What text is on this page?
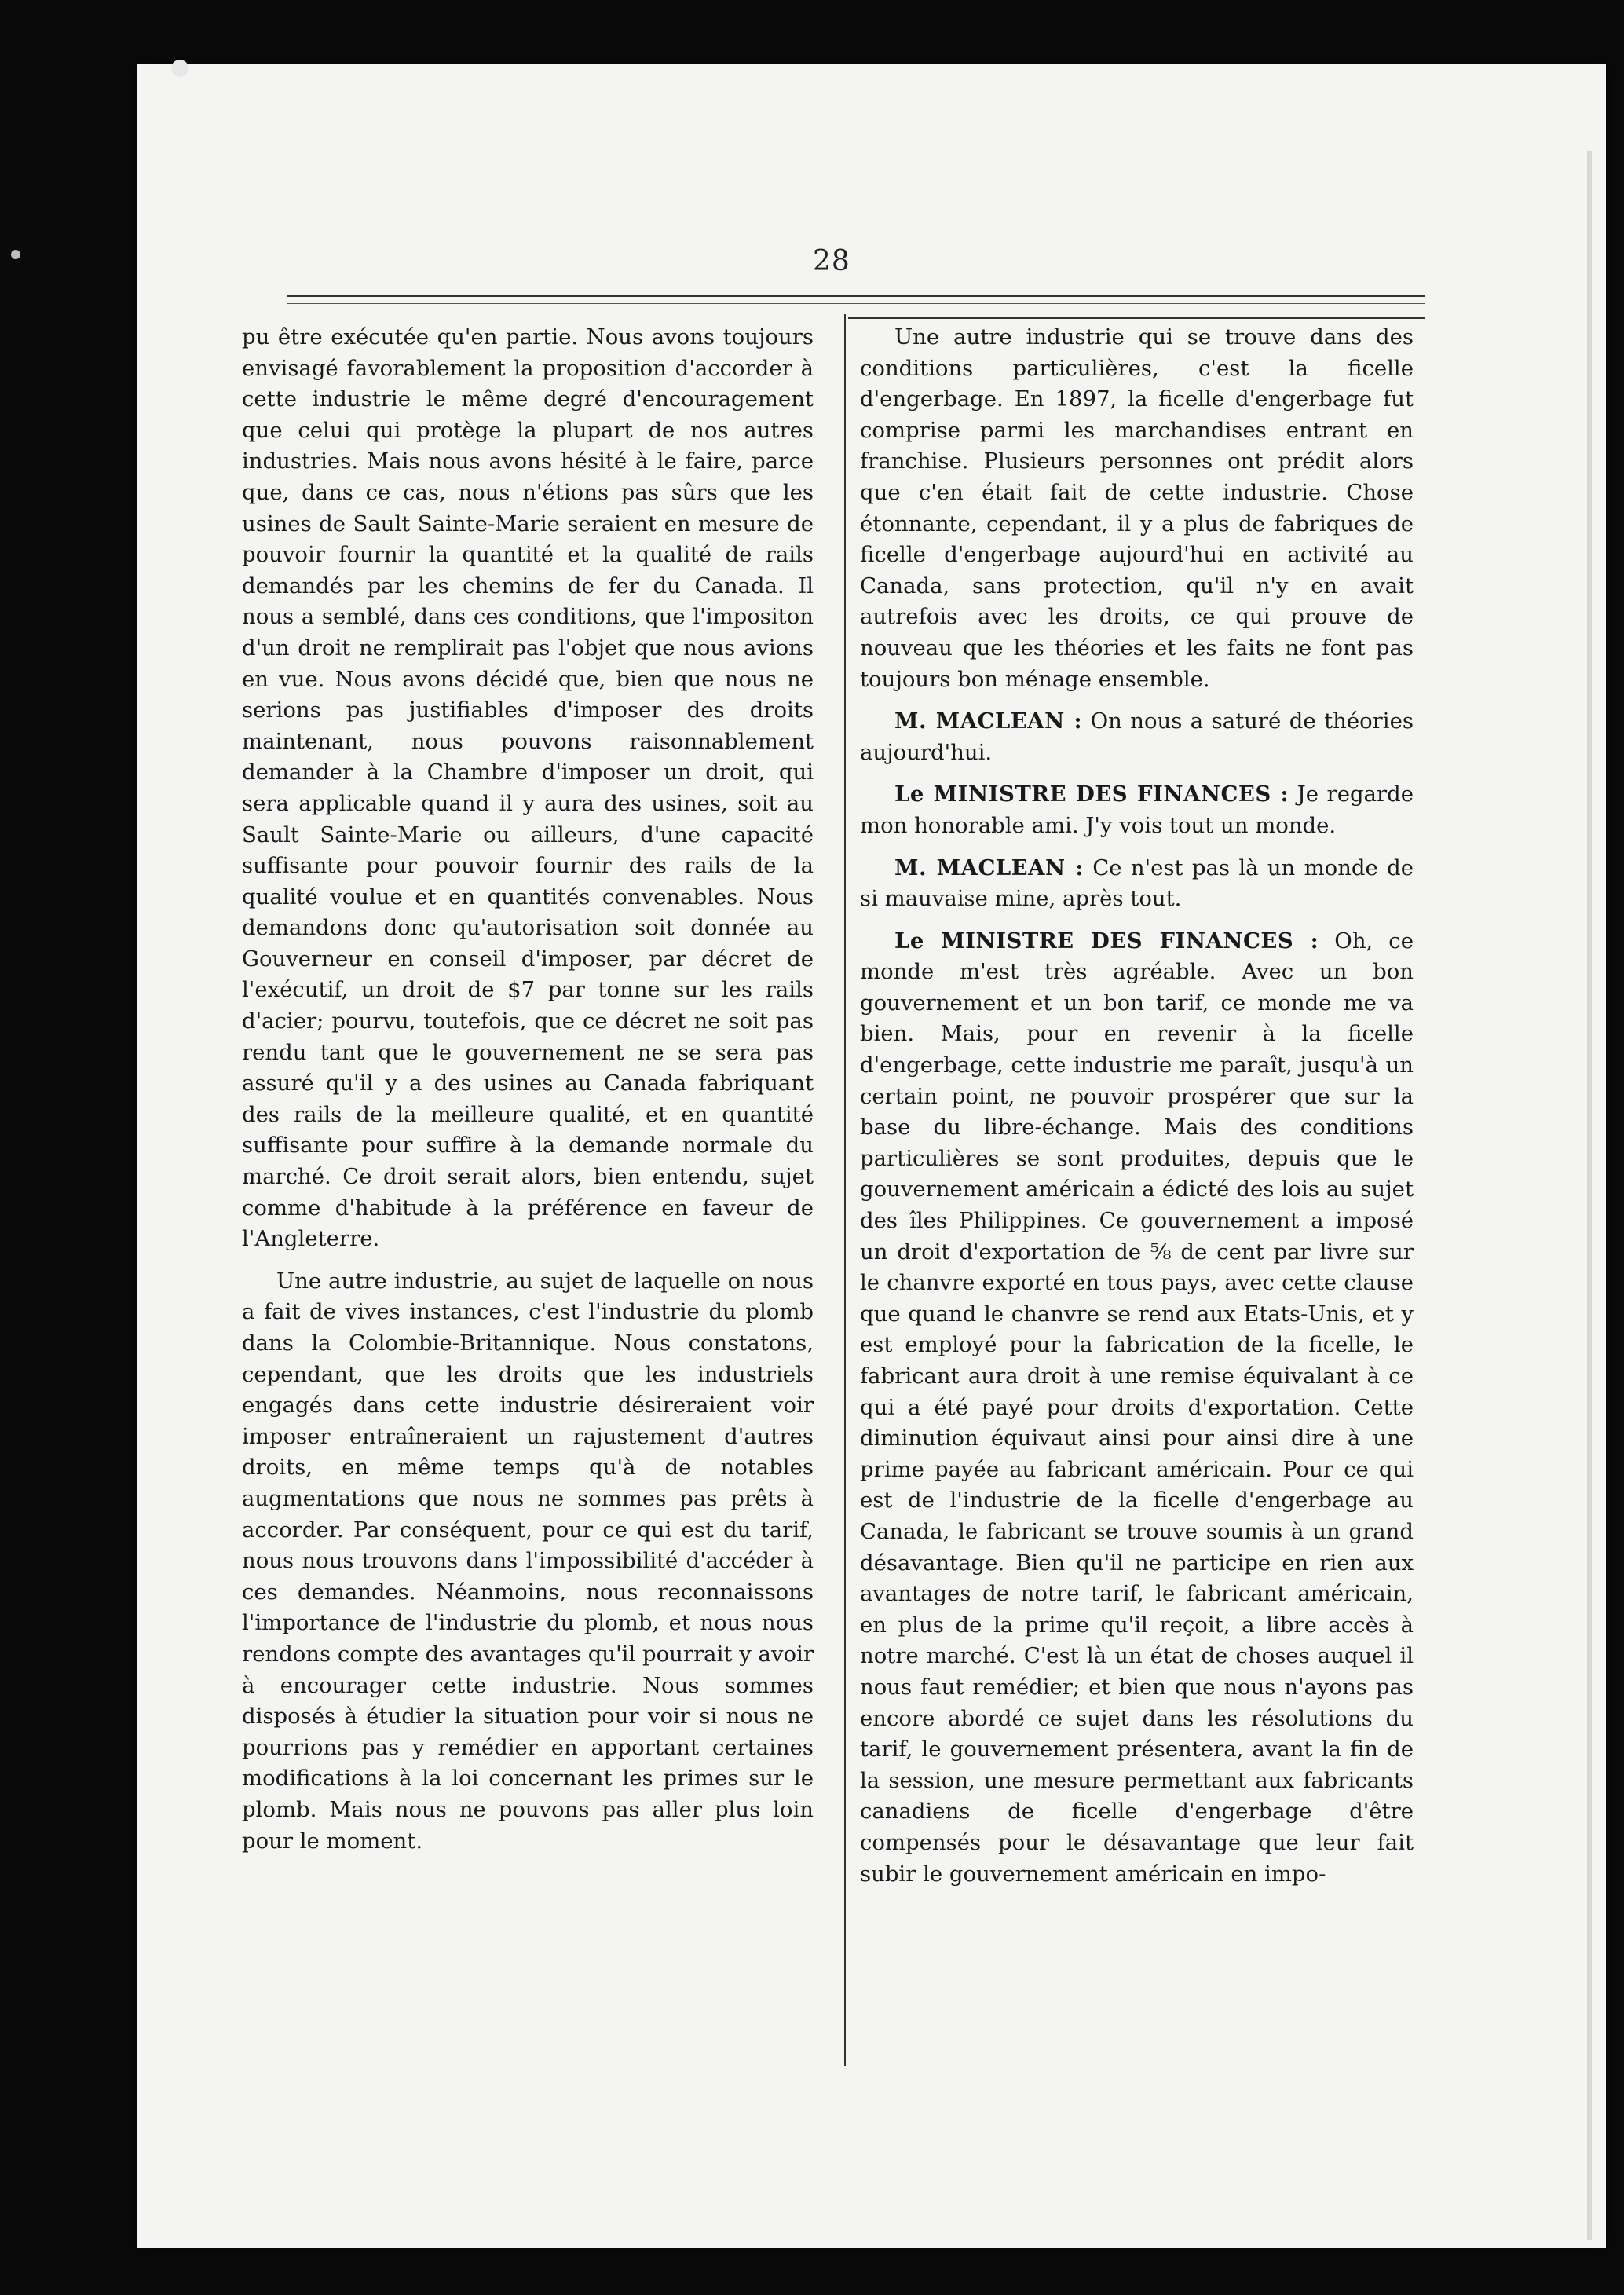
28

pu être exécutée qu'en partie. Nous avons toujours envisagé favorablement la proposition d'accorder à cette industrie le même degré d'encouragement que celui qui protège la plupart de nos autres industries. Mais nous avons hésité à le faire, parce que, dans ce cas, nous n'étions pas sûrs que les usines de Sault Sainte-Marie seraient en mesure de pouvoir fournir la quantité et la qualité de rails demandés par les chemins de fer du Canada. Il nous a semblé, dans ces conditions, que l'impositon d'un droit ne remplirait pas l'objet que nous avions en vue. Nous avons décidé que, bien que nous ne serions pas justifiables d'imposer des droits maintenant, nous pouvons raisonnablement demander à la Chambre d'imposer un droit, qui sera applicable quand il y aura des usines, soit au Sault Sainte-Marie ou ailleurs, d'une capacité suffisante pour pouvoir fournir des rails de la qualité voulue et en quantités convenables. Nous demandons donc qu'autorisation soit donnée au Gouverneur en conseil d'imposer, par décret de l'exécutif, un droit de $7 par tonne sur les rails d'acier; pourvu, toutefois, que ce décret ne soit pas rendu tant que le gouvernement ne se sera pas assuré qu'il y a des usines au Canada fabriquant des rails de la meilleure qualité, et en quantité suffisante pour suffire à la demande normale du marché. Ce droit serait alors, bien entendu, sujet comme d'habitude à la préférence en faveur de l'Angleterre.

Une autre industrie, au sujet de laquelle on nous a fait de vives instances, c'est l'industrie du plomb dans la Colombie-Britannique. Nous constatons, cependant, que les droits que les industriels engagés dans cette industrie désireraient voir imposer entraîneraient un rajustement d'autres droits, en même temps qu'à de notables augmentations que nous ne sommes pas prêts à accorder. Par conséquent, pour ce qui est du tarif, nous nous trouvons dans l'impossibilité d'accéder à ces demandes. Néanmoins, nous reconnaissons l'importance de l'industrie du plomb, et nous nous rendons compte des avantages qu'il pourrait y avoir à encourager cette industrie. Nous sommes disposés à étudier la situation pour voir si nous ne pourrions pas y remédier en apportant certaines modifications à la loi concernant les primes sur le plomb. Mais nous ne pouvons pas aller plus loin pour le moment.

Une autre industrie qui se trouve dans des conditions particulières, c'est la ficelle d'engerbage. En 1897, la ficelle d'engerbage fut comprise parmi les marchandises entrant en franchise. Plusieurs personnes ont prédit alors que c'en était fait de cette industrie. Chose étonnante, cependant, il y a plus de fabriques de ficelle d'engerbage aujourd'hui en activité au Canada, sans protection, qu'il n'y en avait autrefois avec les droits, ce qui prouve de nouveau que les théories et les faits ne font pas toujours bon ménage ensemble.

M. MACLEAN : On nous a saturé de théories aujourd'hui.

Le MINISTRE DES FINANCES : Je regarde mon honorable ami. J'y vois tout un monde.

M. MACLEAN : Ce n'est pas là un monde de si mauvaise mine, après tout.

Le MINISTRE DES FINANCES : Oh, ce monde m'est très agréable. Avec un bon gouvernement et un bon tarif, ce monde me va bien. Mais, pour en revenir à la ficelle d'engerbage, cette industrie me paraît, jusqu'à un certain point, ne pouvoir prospérer que sur la base du libre-échange. Mais des conditions particulières se sont produites, depuis que le gouvernement américain a édicté des lois au sujet des îles Philippines. Ce gouvernement a imposé un droit d'exportation de ⅝ de cent par livre sur le chanvre exporté en tous pays, avec cette clause que quand le chanvre se rend aux Etats-Unis, et y est employé pour la fabrication de la ficelle, le fabricant aura droit à une remise équivalant à ce qui a été payé pour droits d'exportation. Cette diminution équivaut ainsi pour ainsi dire à une prime payée au fabricant américain. Pour ce qui est de l'industrie de la ficelle d'engerbage au Canada, le fabricant se trouve soumis à un grand désavantage. Bien qu'il ne participe en rien aux avantages de notre tarif, le fabricant américain, en plus de la prime qu'il reçoit, a libre accès à notre marché. C'est là un état de choses auquel il nous faut remédier; et bien que nous n'ayons pas encore abordé ce sujet dans les résolutions du tarif, le gouvernement présentera, avant la fin de la session, une mesure permettant aux fabricants canadiens de ficelle d'engerbage d'être compensés pour le désavantage que leur fait subir le gouvernement américain en impo-
